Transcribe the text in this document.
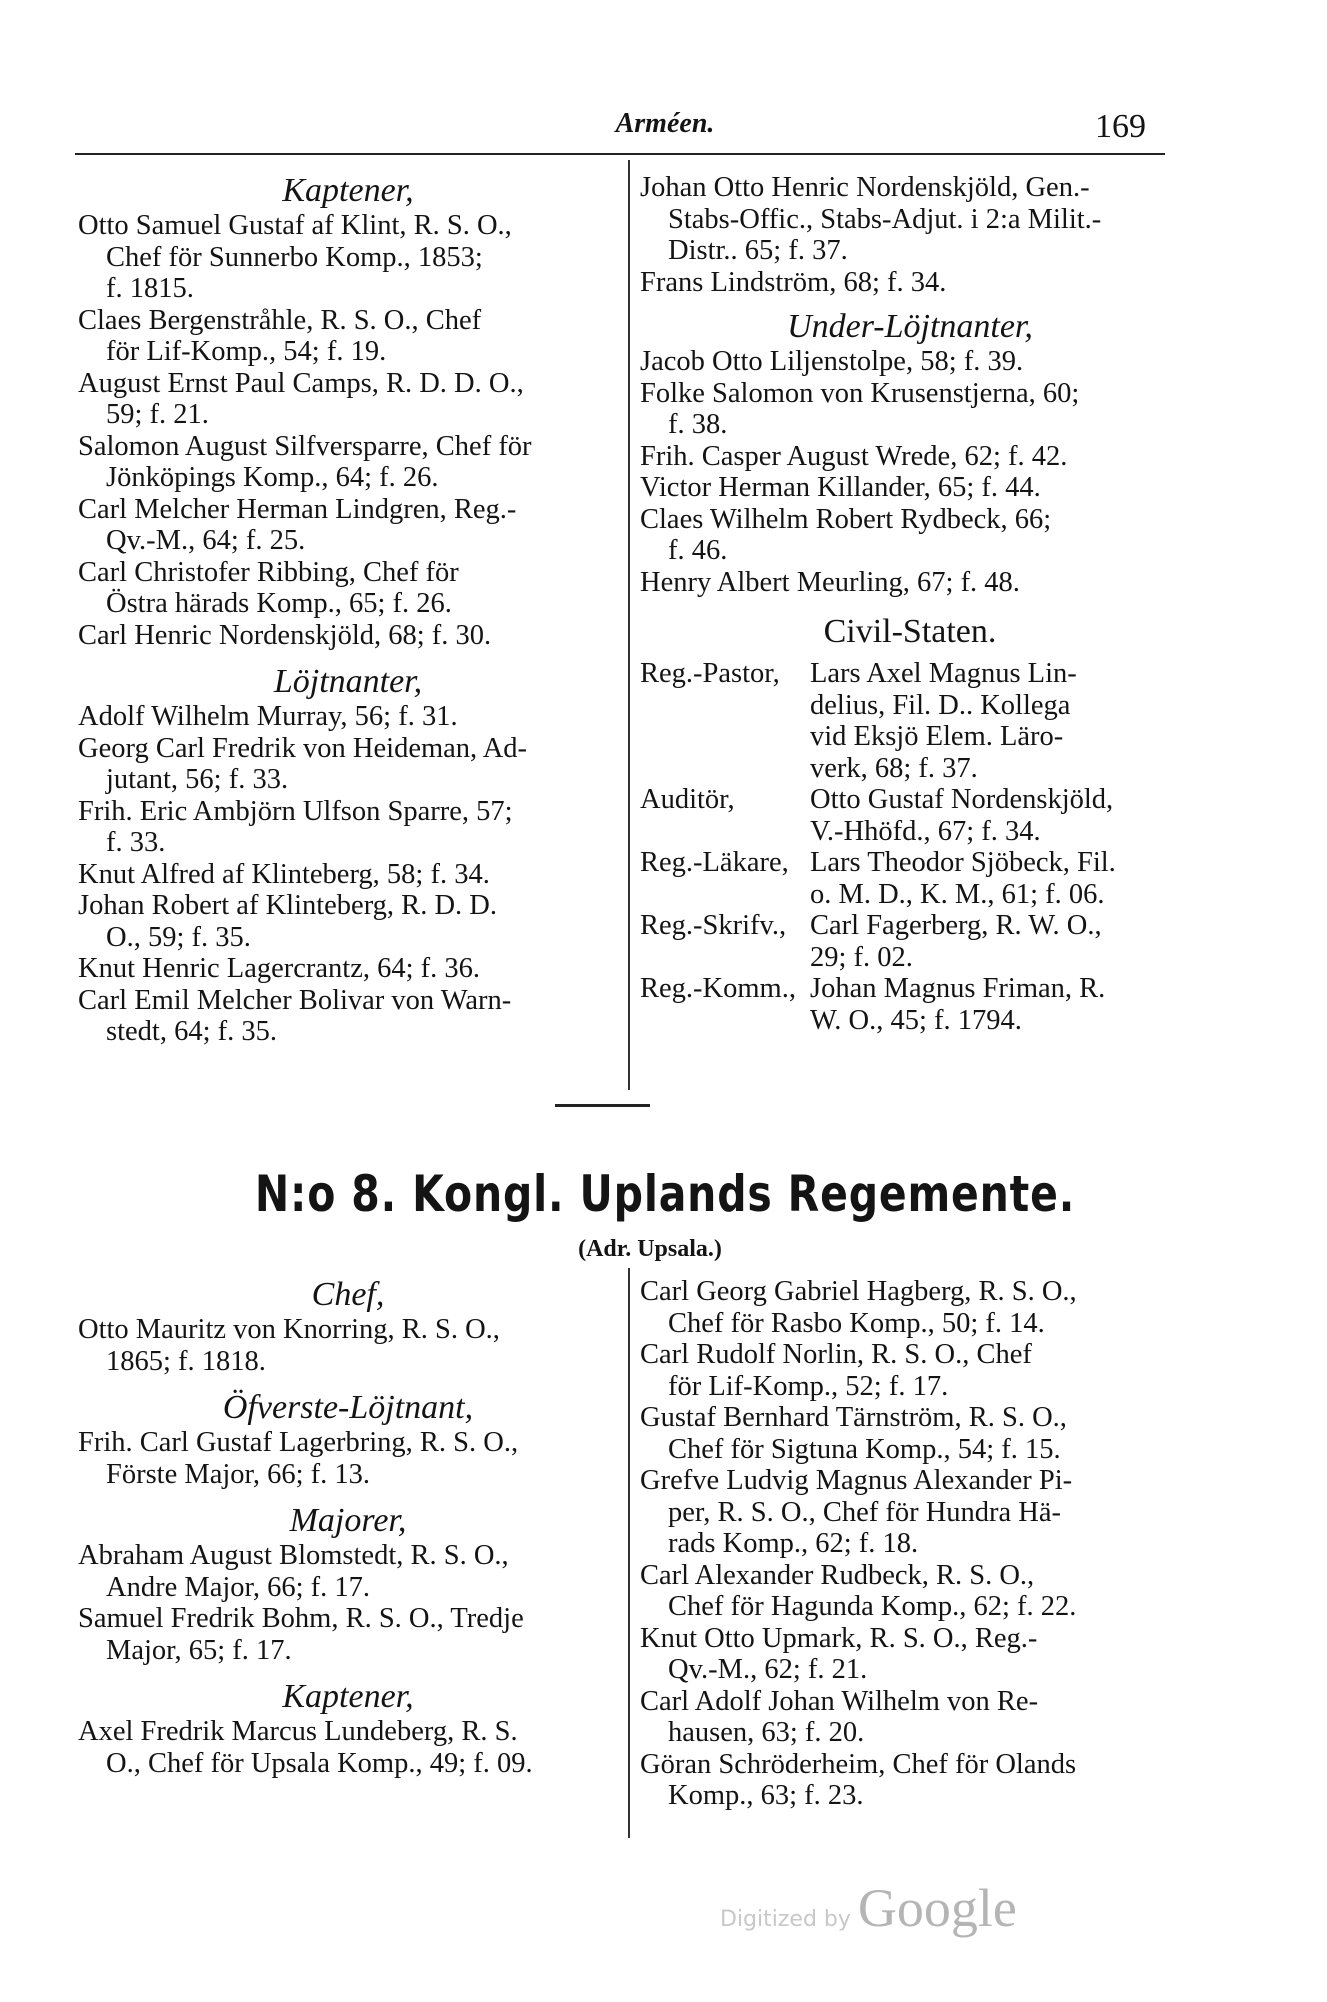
Arméen.	169
Kaptener,
Otto Samuel Gustaf af Klint, R. S. O.,
Chef för Sunnerbo Komp., 1853;
f. 1815.
Claes Bergenstråhle, R. S. O., Chef
för Lif-Komp., 54; f. 19.
August Ernst Paul Camps, R. D. D. O.,
59; f. 21.
Salomon August Silfversparre, Chef för
Jönköpings Komp., 64; f. 26.
Carl Melcher Herman Lindgren, Reg.-
Qv.-M., 64; f. 25.
Carl Christofer Ribbing, Chef för
Östra härads Komp., 65; f. 26.
Carl Henric Nordenskjöld, 68; f. 30.
Löjtnanter,
Adolf Wilhelm Murray, 56; f. 31.
Georg Carl Fredrik von Heideman, Ad-
jutant, 56; f. 33.
Frih. Eric Ambjörn Ulfson Sparre, 57;
f. 33.
Knut Alfred af Klinteberg, 58; f. 34.
Johan Robert af Klinteberg, R. D. D.
O., 59; f. 35.
Knut Henric Lagercrantz, 64; f. 36.
Carl Emil Melcher Bolivar von Warn-
stedt, 64; f. 35.
Johan Otto Henric Nordenskjöld, Gen.-
Stabs-Offic., Stabs-Adjut. i 2:a Milit.-
Distr.. 65; f. 37.
Frans Lindström, 68; f. 34.
Under-Löjtnanter,
Jacob Otto Liljenstolpe, 58; f. 39.
Folke Salomon von Krusenstjerna, 60;
f. 38.
Frih. Casper August Wrede, 62; f. 42.
Victor Herman Killander, 65; f. 44.
Claes Wilhelm Robert Rydbeck, 66;
f. 46.
Henry Albert Meurling, 67; f. 48.
Civil-Staten.
Reg.-Pastor,	Lars Axel Magnus Lin-
delius, Fil. D.. Kollega
vid Eksjö Elem. Läro-
verk, 68; f. 37.
Auditör,	Otto Gustaf Nordenskjöld,
V.-Hhöfd., 67; f. 34.
Reg.-Läkare, Lars Theodor Sjöbeck, Fil.
o. M. D., K. M., 61; f. 06.
Reg.-Skrifv., Carl Fagerberg, R. W. O.,
29; f. 02.
Reg.-Komm., Johan Magnus Friman, R.
W. O., 45; f. 1794.
N:o 8. Kongl. Uplands Regemente.
(Adr. Upsala.)
Chef,
Otto Mauritz von Knorring, R. S. O.,
1865; f. 1818.
Öfverste-Löjtnant,
Frih. Carl Gustaf Lagerbring, R. S. O.,
Förste Major, 66; f. 13.
Majorer,
Abraham August Blomstedt, R. S. O.,
Andre Major, 66; f. 17.
Samuel Fredrik Bohm, R. S. O., Tredje
Major, 65; f. 17.
Kaptener,
Axel Fredrik Marcus Lundeberg, R. S.
O., Chef för Upsala Komp., 49; f. 09.
Carl Georg Gabriel Hagberg, R. S. O.,
Chef för Rasbo Komp., 50; f. 14.
Carl Rudolf Norlin, R. S. O., Chef
för Lif-Komp., 52; f. 17.
Gustaf Bernhard Tärnström, R. S. O.,
Chef för Sigtuna Komp., 54; f. 15.
Grefve Ludvig Magnus Alexander Pi-
per, R. S. O., Chef för Hundra Hä-
rads Komp., 62; f. 18.
Carl Alexander Rudbeck, R. S. O.,
Chef för Hagunda Komp., 62; f. 22.
Knut Otto Upmark, R. S. O., Reg.-
Qv.-M., 62; f. 21.
Carl Adolf Johan Wilhelm von Re-
hausen, 63; f. 20.
Göran Schröderheim, Chef för Olands
Komp., 63; f. 23.
Digitized by Google
